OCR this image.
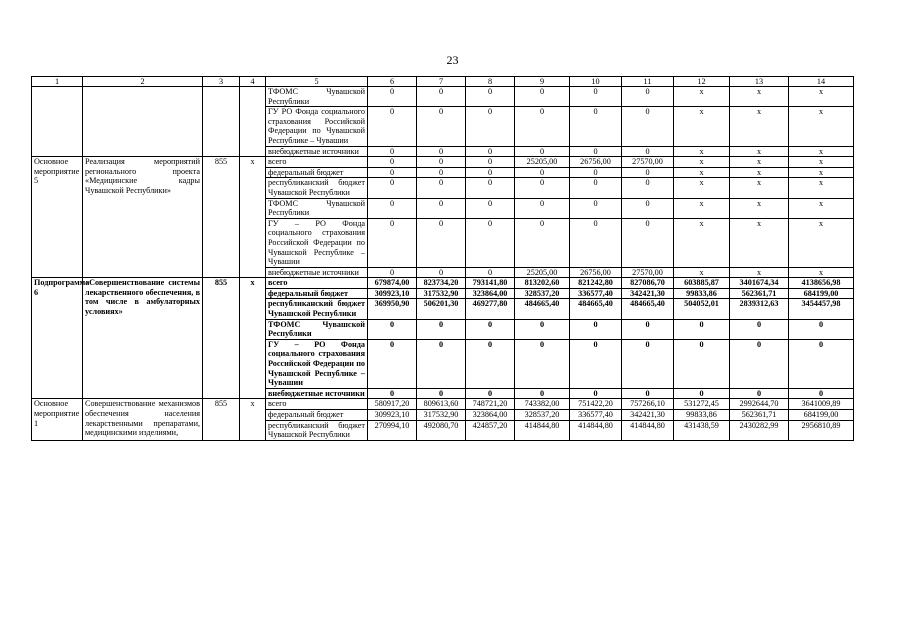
23
1	2	3	4	5	6	7	8	9	10	11	12	13	14
				ТФОМС Чувашской Республики	0	0	0	0	0	0	x	x	x
				ГУ РО Фонда социального страхования Российской Федерации по Чувашской Республике – Чувашии	0	0	0	0	0	0	x	x	x
				внебюджетные источники	0	0	0	0	0	0	x	x	x
Основное мероприятие 5	Реализация мероприятий регионального проекта «Медицинские кадры Чувашской Республики»	855	x	всего	0	0	0	25205,00	26756,00	27570,00	x	x	x
				федеральный бюджет	0	0	0	0	0	0	x	x	x
				республиканский бюджет Чувашской Республики	0	0	0	0	0	0	x	x	x
				ТФОМС Чувашской Республики	0	0	0	0	0	0	x	x	x
				ГУ – РО Фонда социального страхования Российской Федерации по Чувашской Республике – Чувашии	0	0	0	0	0	0	x	x	x
				внебюджетные источники	0	0	0	25205,00	26756,00	27570,00	x	x	x
Подпрограмма 6	«Совершенствование системы лекарственного обеспечения, в том числе в амбулаторных условиях»	855	x	всего	679874,00	823734,20	793141,80	813202,60	821242,80	827086,70	603885,87	3401674,34	4138656,98
				федеральный бюджет	309923,10	317532,90	323864,00	328537,20	336577,40	342421,30	99833,86	562361,71	684199,00
				республиканский бюджет Чувашской Республики	369950,90	506201,30	469277,80	484665,40	484665,40	484665,40	504052,01	2839312,63	3454457,98
				ТФОМС Чувашской Республики	0	0	0	0	0	0	0	0	0
				ГУ – РО Фонда социального страхования Российской Федерации по Чувашской Республике – Чувашии	0	0	0	0	0	0	0	0	0
				внебюджетные источники	0	0	0	0	0	0	0	0	0
Основное мероприятие 1	Совершенствование механизмов обеспечения населения лекарственными препаратами, медицинскими изделиями,	855	x	всего	580917,20	809613,60	748721,20	743382,00	751422,20	757266,10	531272,45	2992644,70	3641009,89
				федеральный бюджет	309923,10	317532,90	323864,00	328537,20	336577,40	342421,30	99833,86	562361,71	684199,00
				республиканский бюджет Чувашской Республики	270994,10	492080,70	424857,20	414844,80	414844,80	414844,80	431438,59	2430282,99	2956810,89
